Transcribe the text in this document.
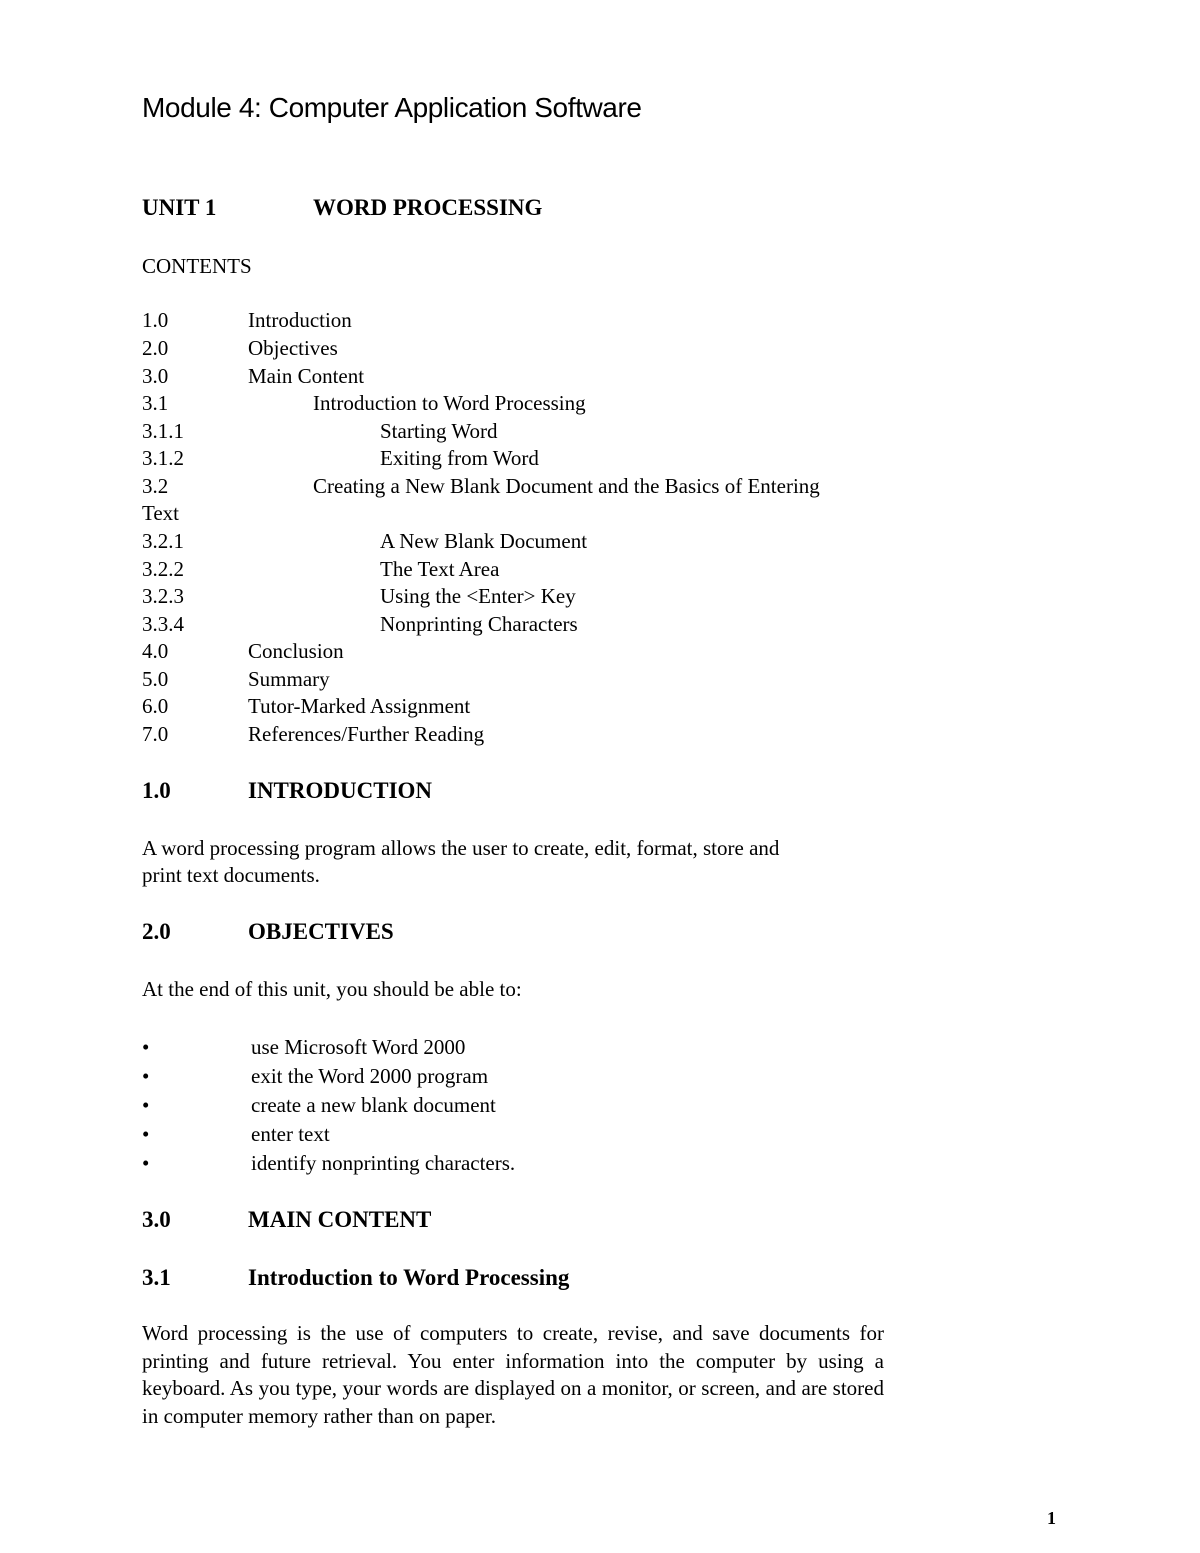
Module 4: Computer Application Software
UNIT 1	WORD PROCESSING
CONTENTS
1.0	Introduction
2.0	Objectives
3.0	Main Content
3.1	Introduction to Word Processing
3.1.1	Starting Word
3.1.2	Exiting from Word
3.2	Creating a New Blank Document and the Basics of Entering
Text
3.2.1	A New Blank Document
3.2.2	The Text Area
3.2.3	Using the <Enter> Key
3.3.4	Nonprinting Characters
4.0	Conclusion
5.0	Summary
6.0	Tutor-Marked Assignment
7.0	References/Further Reading
1.0	INTRODUCTION
A word processing program allows the user to create, edit, format, store and
print text documents.
2.0	OBJECTIVES
At the end of this unit, you should be able to:
•	use Microsoft Word 2000
•	exit the Word 2000 program
•	create a new blank document
•	enter text
•	identify nonprinting characters.
3.0	MAIN CONTENT
3.1	Introduction to Word Processing
Word processing is the use of computers to create, revise, and save documents for printing and future retrieval. You enter information into the computer by using a keyboard. As you type, your words are displayed on a monitor, or screen, and are stored in computer memory rather than on paper.
1
